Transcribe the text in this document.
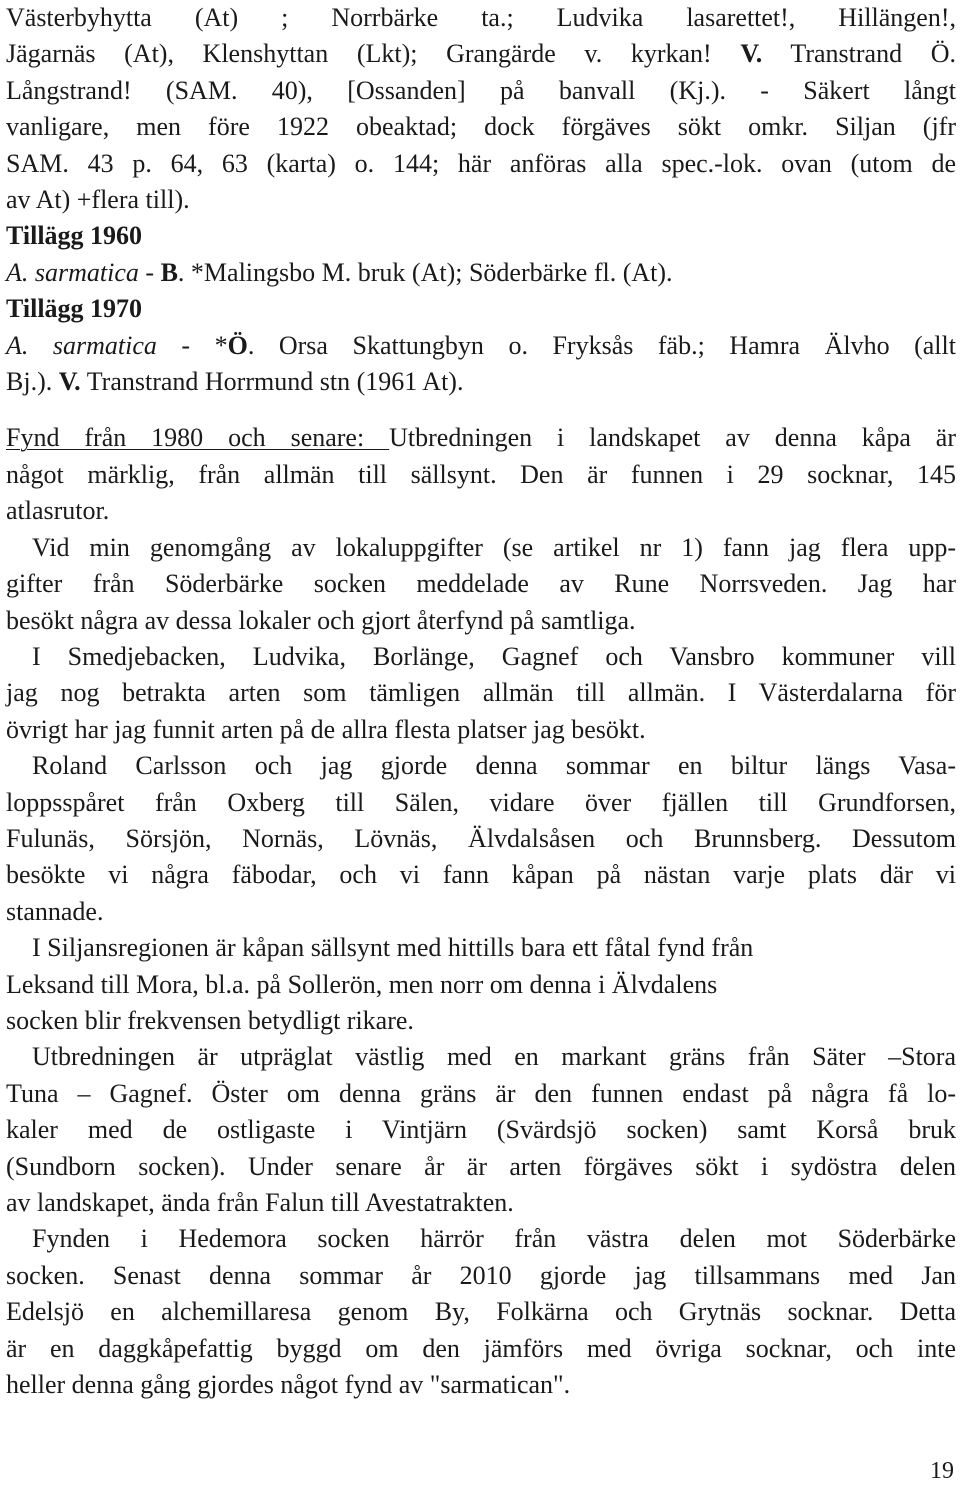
Västerbyhytta (At) ; Norrbärke ta.; Ludvika lasarettet!, Hillängen!,
Jägarnäs (At), Klenshyttan (Lkt); Grangärde v. kyrkan! V. Transtrand Ö.
Långstrand! (SAM. 40), [Ossanden] på banvall (Kj.). - Säkert långt
vanligare, men före 1922 obeaktad; dock förgäves sökt omkr. Siljan (jfr
SAM. 43 p. 64, 63 (karta) o. 144; här anföras alla spec.-lok. ovan (utom de
av At) +flera till).
Tillägg 1960
A. sarmatica - B. *Malingsbo M. bruk (At); Söderbärke fl. (At).
Tillägg 1970
A. sarmatica - *Ö. Orsa Skattungbyn o. Fryksås fäb.; Hamra Älvho (allt
Bj.). V. Transtrand Horrmund stn (1961 At).
Fynd från 1980 och senare: Utbredningen i landskapet av denna kåpa är
något märklig, från allmän till sällsynt. Den är funnen i 29 socknar, 145
atlasrutor.
Vid min genomgång av lokaluppgifter (se artikel nr 1) fann jag flera upp-
gifter från Söderbärke socken meddelade av Rune Norrsveden. Jag har
besökt några av dessa lokaler och gjort återfynd på samtliga.
I Smedjebacken, Ludvika, Borlänge, Gagnef och Vansbro kommuner vill
jag nog betrakta arten som tämligen allmän till allmän. I Västerdalarna för
övrigt har jag funnit arten på de allra flesta platser jag besökt.
Roland Carlsson och jag gjorde denna sommar en biltur längs Vasa-
loppsspåret från Oxberg till Sälen, vidare över fjällen till Grundforsen,
Fulunäs, Sörsjön, Nornäs, Lövnäs, Älvdalsåsen och Brunnsberg. Dessutom
besökte vi några fäbodar, och vi fann kåpan på nästan varje plats där vi
stannade.
I Siljansregionen är kåpan sällsynt med hittills bara ett fåtal fynd från
Leksand till Mora, bl.a. på Sollerön, men norr om denna i Älvdalens
socken blir frekvensen betydligt rikare.
Utbredningen är utpräglat västlig med en markant gräns från Säter –Stora
Tuna – Gagnef. Öster om denna gräns är den funnen endast på några få lo-
kaler med de ostligaste i Vintjärn (Svärdsjö socken) samt Korså bruk
(Sundborn socken). Under senare år är arten förgäves sökt i sydöstra delen
av landskapet, ända från Falun till Avestatrakten.
Fynden i Hedemora socken härrör från västra delen mot Söderbärke
socken. Senast denna sommar år 2010 gjorde jag tillsammans med Jan
Edelsjö en alchemillaresa genom By, Folkärna och Grytnäs socknar. Detta
är en daggkåpefattig byggd om den jämförs med övriga socknar, och inte
heller denna gång gjordes något fynd av "sarmatican".
19
